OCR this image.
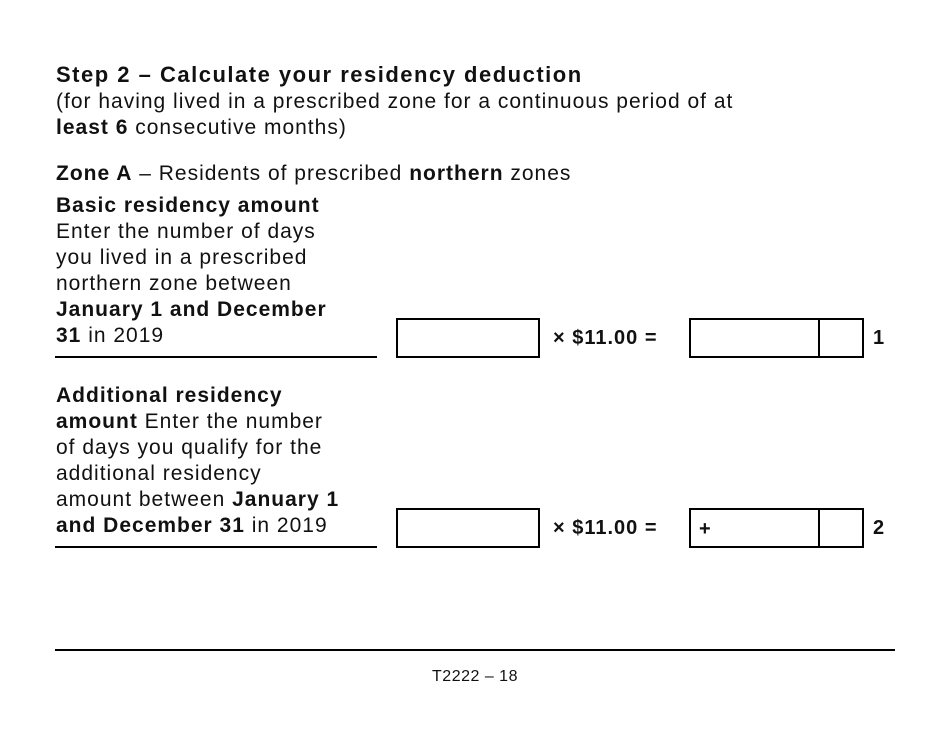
Step 2 – Calculate your residency deduction
(for having lived in a prescribed zone for a continuous period of at
least 6 consecutive months)
Zone A – Residents of prescribed northern zones
Basic residency amount
Enter the number of days
you lived in a prescribed
northern zone between
January 1 and December
31 in 2019	× $11.00 =	1
Additional residency
amount Enter the number
of days you qualify for the
additional residency
amount between January 1
and December 31 in 2019	× $11.00 = +	2
T2222 – 18
